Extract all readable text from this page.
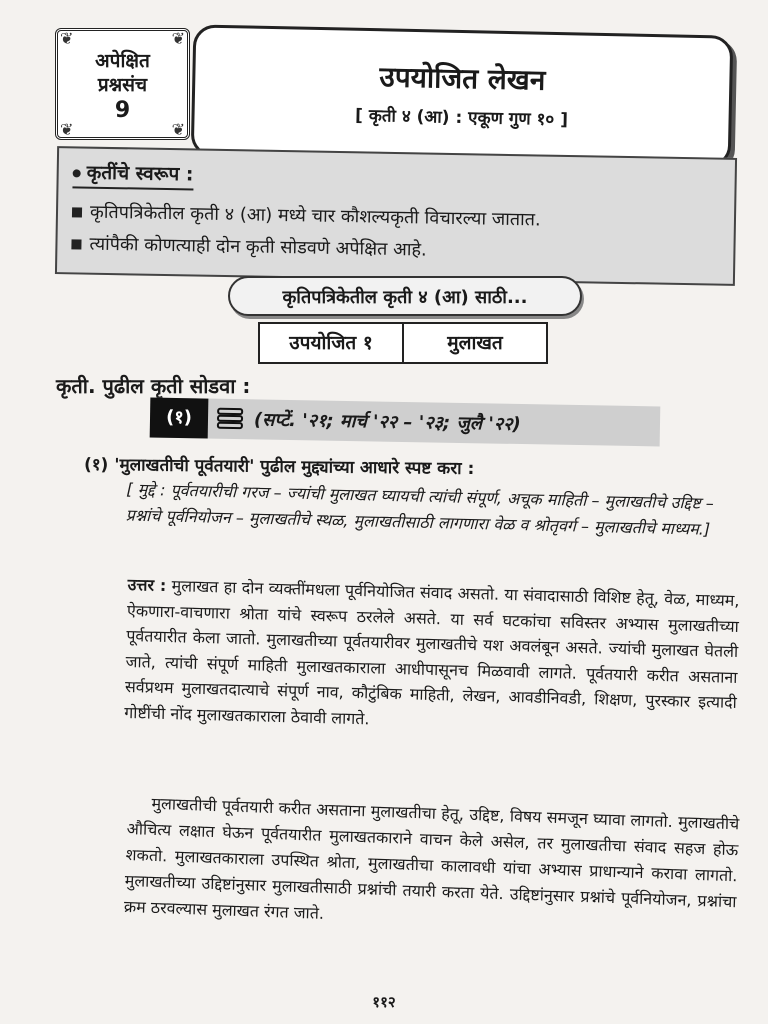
❦	❦
❦	❦
अपेक्षित
प्रश्नसंच
9
उपयोजित लेखन
[ कृती ४ (आ) : एकूण गुण १० ]
कृतींचे स्वरूप :
कृतिपत्रिकेतील कृती ४ (आ) मध्ये चार कौशल्यकृती विचारल्या जातात.
त्यांपैकी कोणत्याही दोन कृती सोडवणे अपेक्षित आहे.
कृतिपत्रिकेतील कृती ४ (आ) साठी...
उपयोजित १	मुलाखत
कृती. पुढील कृती सोडवा :
(१)	(सप्टें. '२१; मार्च '२२ – '२३; जुलै '२२)
(१) 'मुलाखतीची पूर्वतयारी' पुढील मुद्द्यांच्या आधारे स्पष्ट करा :
[ मुद्दे : पूर्वतयारीची गरज – ज्यांची मुलाखत घ्यायची त्यांची संपूर्ण, अचूक माहिती – मुलाखतीचे उद्दिष्ट – प्रश्नांचे पूर्वनियोजन – मुलाखतीचे स्थळ, मुलाखतीसाठी लागणारा वेळ व श्रोतृवर्ग – मुलाखतीचे माध्यम.]
उत्तर : मुलाखत हा दोन व्यक्तींमधला पूर्वनियोजित संवाद असतो. या संवादासाठी विशिष्ट हेतू, वेळ, माध्यम, ऐकणारा-वाचणारा श्रोता यांचे स्वरूप ठरलेले असते. या सर्व घटकांचा सविस्तर अभ्यास मुलाखतीच्या पूर्वतयारीत केला जातो. मुलाखतीच्या पूर्वतयारीवर मुलाखतीचे यश अवलंबून असते. ज्यांची मुलाखत घेतली जाते, त्यांची संपूर्ण माहिती मुलाखतकाराला आधीपासूनच मिळवावी लागते. पूर्वतयारी करीत असताना सर्वप्रथम मुलाखतदात्याचे संपूर्ण नाव, कौटुंबिक माहिती, लेखन, आवडीनिवडी, शिक्षण, पुरस्कार इत्यादी गोष्टींची नोंद मुलाखतकाराला ठेवावी लागते.
मुलाखतीची पूर्वतयारी करीत असताना मुलाखतीचा हेतू, उद्दिष्ट, विषय समजून घ्यावा लागतो. मुलाखतीचे औचित्य लक्षात घेऊन पूर्वतयारीत मुलाखतकाराने वाचन केले असेल, तर मुलाखतीचा संवाद सहज होऊ शकतो. मुलाखतकाराला उपस्थित श्रोता, मुलाखतीचा कालावधी यांचा अभ्यास प्राधान्याने करावा लागतो. मुलाखतीच्या उद्दिष्टांनुसार मुलाखतीसाठी प्रश्नांची तयारी करता येते. उद्दिष्टांनुसार प्रश्नांचे पूर्वनियोजन, प्रश्नांचा क्रम ठरवल्यास मुलाखत रंगत जाते.
११२
